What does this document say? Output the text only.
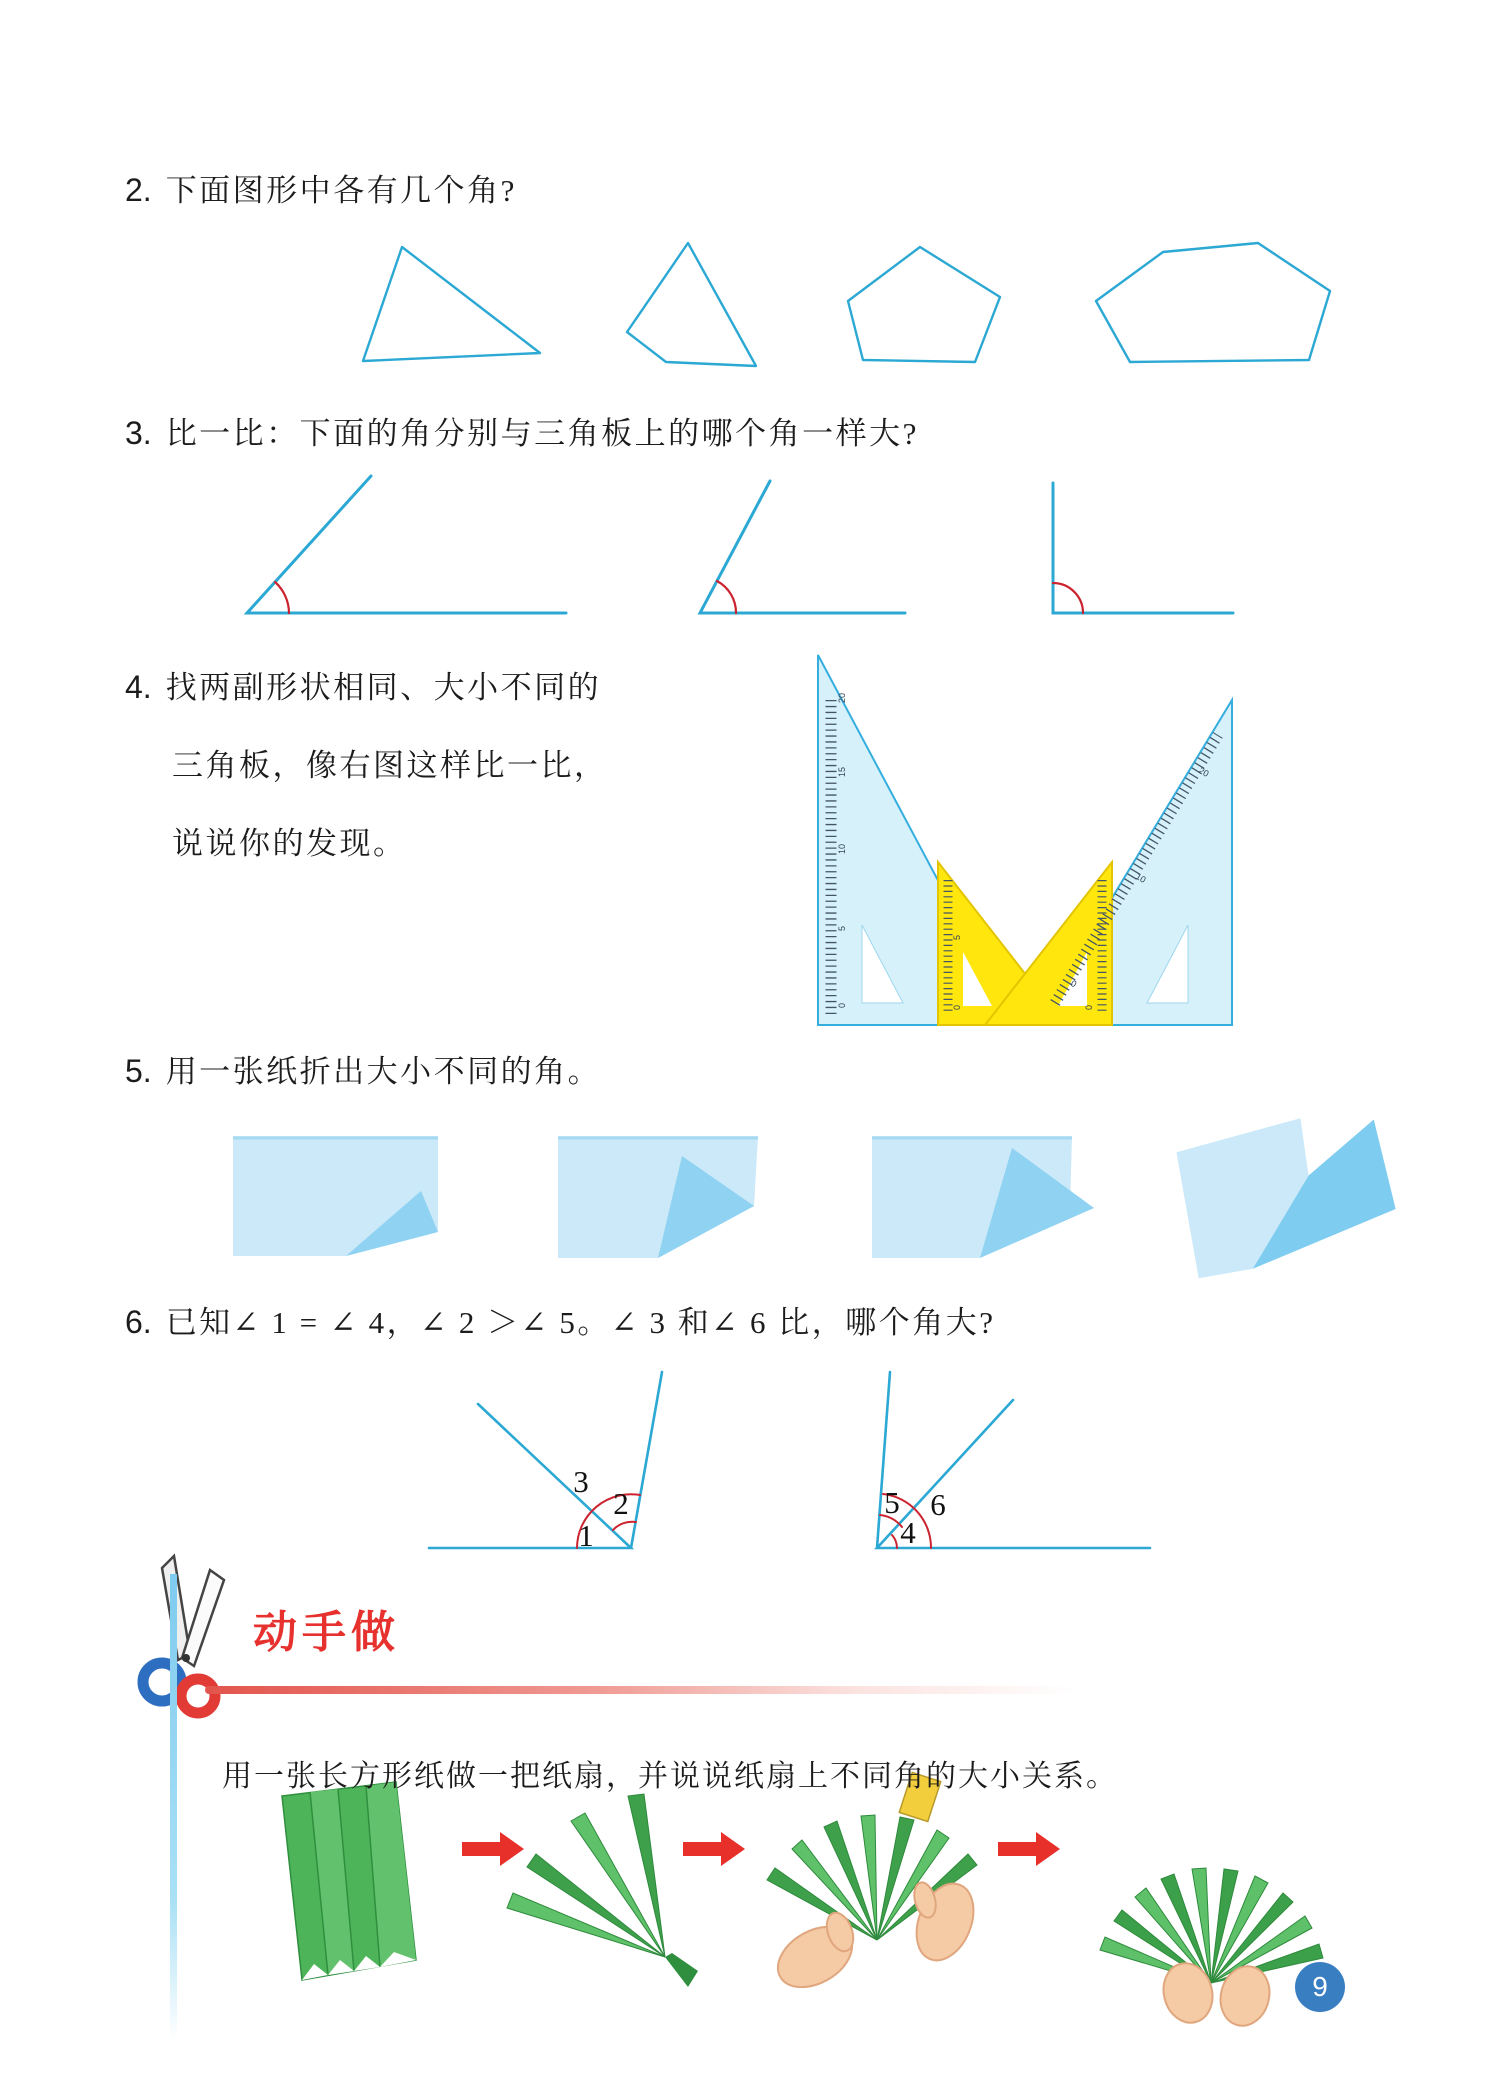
0
5
10
15
20
0
5
0
0
10
20
1
2
3
4
5 6
2. 下面图形中各有几个角?
3. 比一比：下面的角分别与三角板上的哪个角一样大?
4. 找两副形状相同、大小不同的
三角板，像右图这样比一比，
说说你的发现。
5. 用一张纸折出大小不同的角。
6. 已知∠ 1 = ∠ 4，∠ 2 ＞∠ 5。∠ 3 和∠ 6 比，哪个角大?
动手做
用一张长方形纸做一把纸扇，并说说纸扇上不同角的大小关系。
9
